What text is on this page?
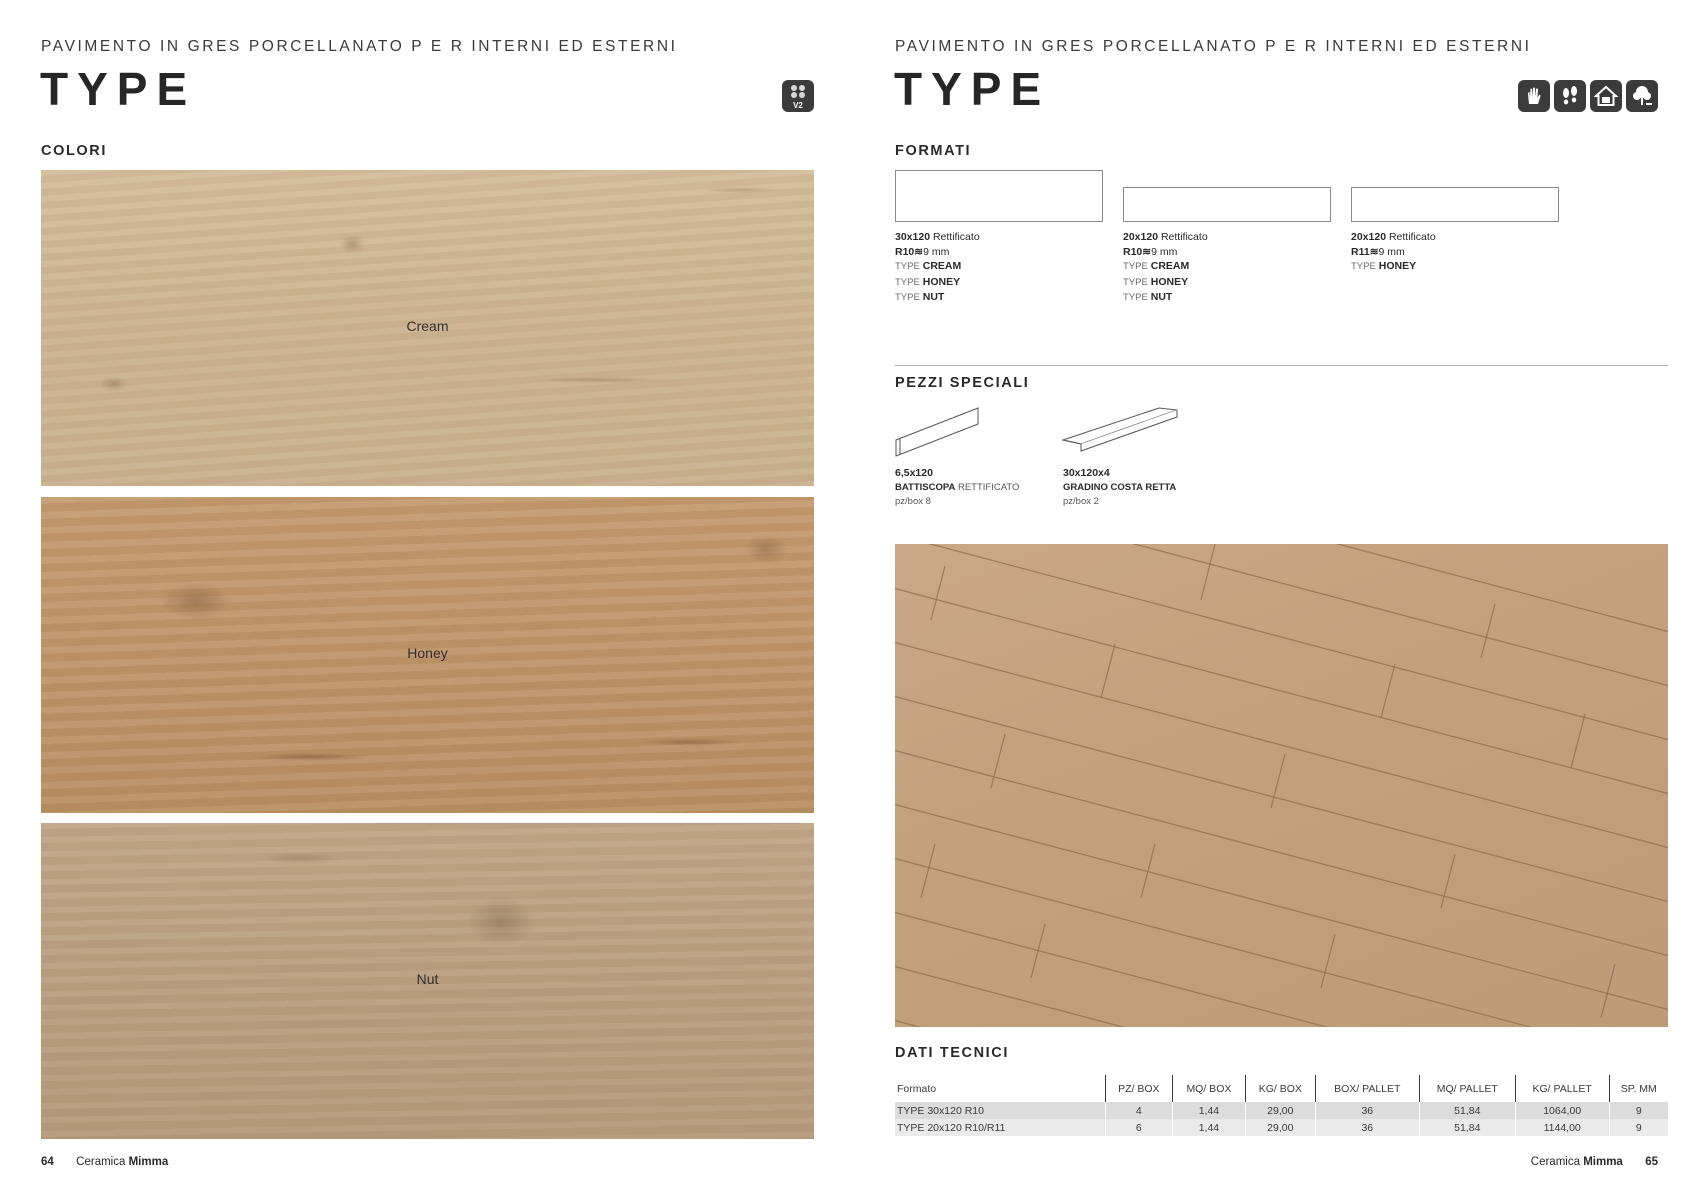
PAVIMENTO IN GRES PORCELLANATO P E R INTERNI ED ESTERNI
TYPE	V2
COLORI
Cream
Honey
Nut
64 Ceramica Mimma
PAVIMENTO IN GRES PORCELLANATO P E R INTERNI ED ESTERNI
TYPE
FORMATI
30x120 Rettificato
R10≋9 mm
TYPE CREAM
TYPE HONEY
TYPE NUT
20x120 Rettificato
R10≋9 mm
TYPE CREAM
TYPE HONEY
TYPE NUT
20x120 Rettificato
R11≋9 mm
TYPE HONEY
PEZZI SPECIALI
6,5x120
BATTISCOPA RETTIFICATO
pz/box 8
30x120x4
GRADINO COSTA RETTA
pz/box 2
DATI TECNICI
Formato	PZ/ BOX	MQ/ BOX	KG/ BOX	BOX/ PALLET	MQ/ PALLET	KG/ PALLET	SP. MM
TYPE 30x120 R10	4	1,44	29,00	36	51,84	1064,00	9
TYPE 20x120 R10/R11	6	1,44	29,00	36	51,84	1144,00	9
Ceramica Mimma 65
